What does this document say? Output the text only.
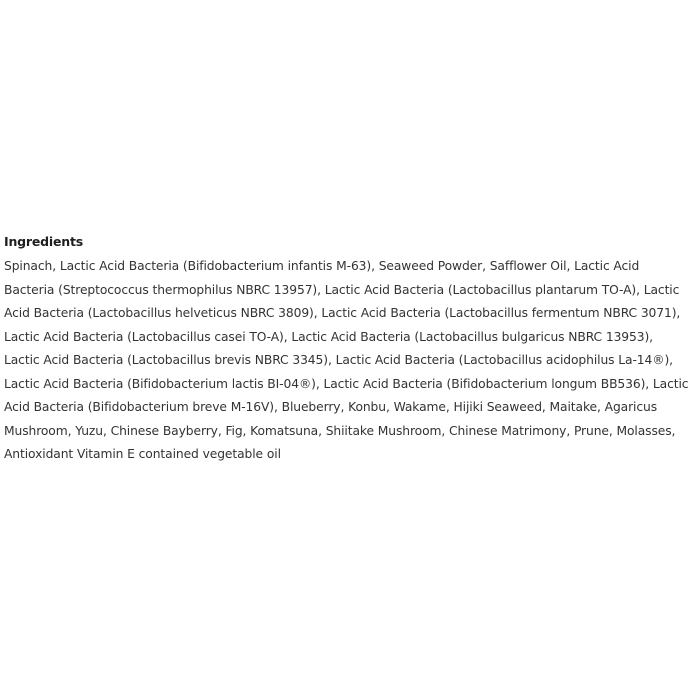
Ingredients
Spinach, Lactic Acid Bacteria (Bifidobacterium infantis M-63), Seaweed Powder, Safflower Oil, Lactic Acid
Bacteria (Streptococcus thermophilus NBRC 13957), Lactic Acid Bacteria (Lactobacillus plantarum TO-A), Lactic
Acid Bacteria (Lactobacillus helveticus NBRC 3809), Lactic Acid Bacteria (Lactobacillus fermentum NBRC 3071),
Lactic Acid Bacteria (Lactobacillus casei TO-A), Lactic Acid Bacteria (Lactobacillus bulgaricus NBRC 13953),
Lactic Acid Bacteria (Lactobacillus brevis NBRC 3345), Lactic Acid Bacteria (Lactobacillus acidophilus La-14®),
Lactic Acid Bacteria (Bifidobacterium lactis BI-04®), Lactic Acid Bacteria (Bifidobacterium longum BB536), Lactic
Acid Bacteria (Bifidobacterium breve M-16V), Blueberry, Konbu, Wakame, Hijiki Seaweed, Maitake, Agaricus
Mushroom, Yuzu, Chinese Bayberry, Fig, Komatsuna, Shiitake Mushroom, Chinese Matrimony, Prune, Molasses,
Antioxidant Vitamin E contained vegetable oil
